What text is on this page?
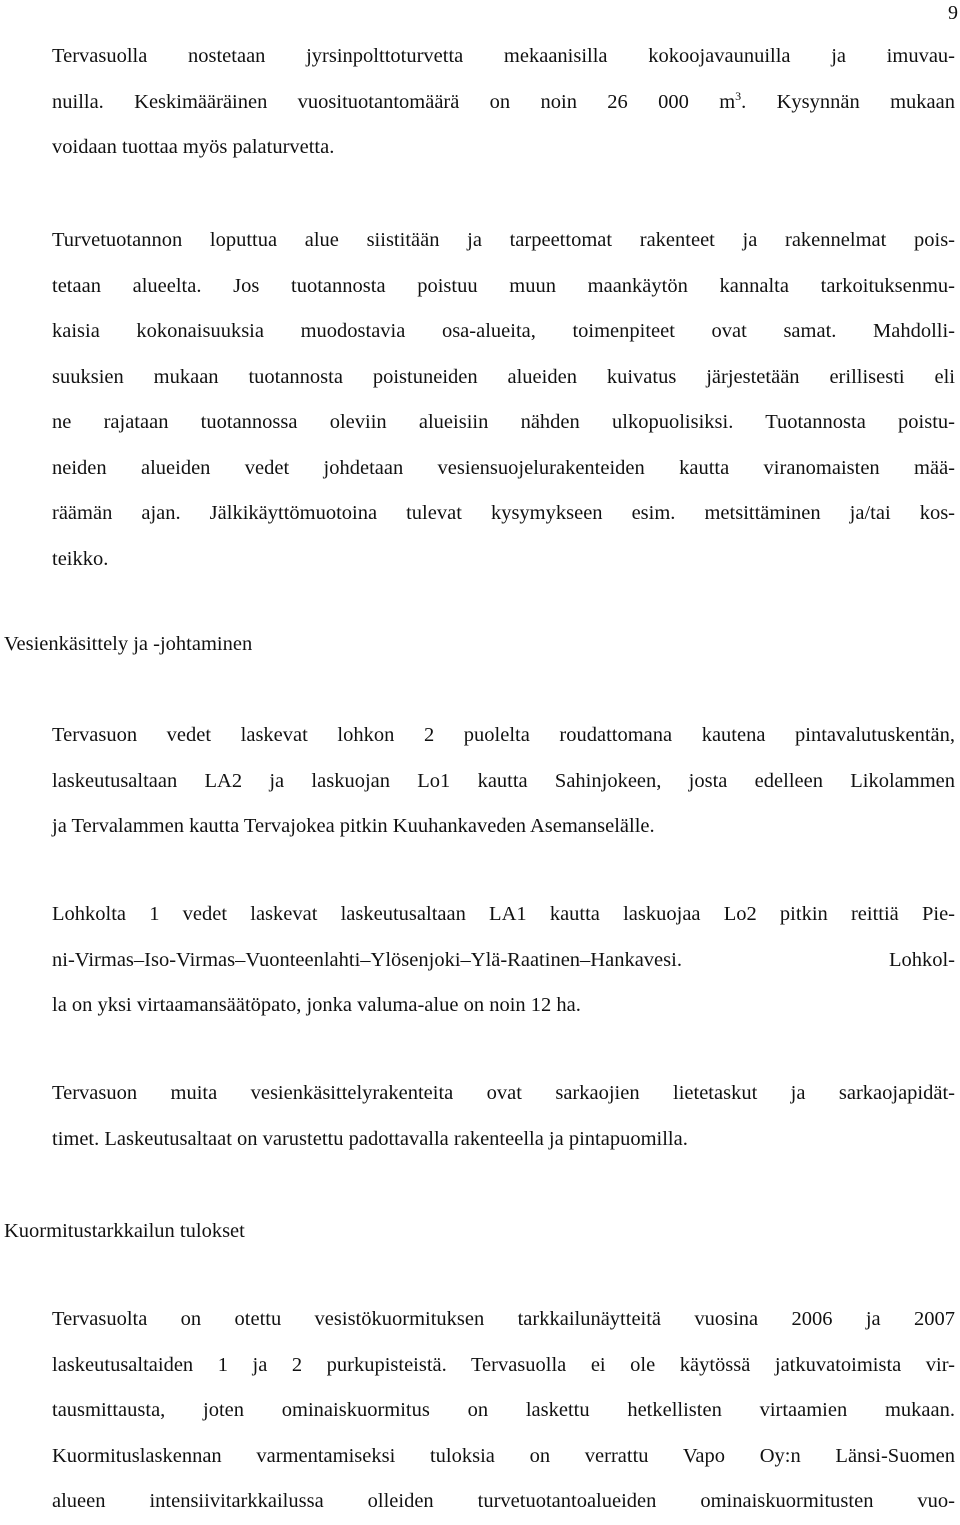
9
Tervasuolla nostetaan jyrsinpolttoturvetta mekaanisilla kokoojavaunuilla ja imuvau-
nuilla. Keskimääräinen vuosituotantomäärä on noin 26 000 $m^3$. Kysynnän mukaan
voidaan tuottaa myös palaturvetta.
Turvetuotannon loputtua alue siistitään ja tarpeettomat rakenteet ja rakennelmat pois-
tetaan alueelta. Jos tuotannosta poistuu muun maankäytön kannalta tarkoituksenmu-
kaisia kokonaisuuksia muodostavia osa-alueita, toimenpiteet ovat samat. Mahdolli-
suuksien mukaan tuotannosta poistuneiden alueiden kuivatus järjestetään erillisesti eli
ne rajataan tuotannossa oleviin alueisiin nähden ulkopuolisiksi. Tuotannosta poistu-
neiden alueiden vedet johdetaan vesiensuojelurakenteiden kautta viranomaisten mää-
räämän ajan. Jälkikäyttömuotoina tulevat kysymykseen esim. metsittäminen ja/tai kos-
teikko.
Vesienkäsittely ja -johtaminen
Tervasuon vedet laskevat lohkon 2 puolelta roudattomana kautena pintavalutuskentän,
laskeutusaltaan LA2 ja laskuojan Lo1 kautta Sahinjokeen, josta edelleen Likolammen
ja Tervalammen kautta Tervajokea pitkin Kuuhankaveden Asemanselälle.
Lohkolta 1 vedet laskevat laskeutusaltaan LA1 kautta laskuojaa Lo2 pitkin reittiä Pie-
ni-Virmas–Iso-Virmas–Vuonteenlahti–Ylösenjoki–Ylä-Raatinen–Hankavesi. Lohkol-
la on yksi virtaamansäätöpato, jonka valuma-alue on noin 12 ha.
Tervasuon muita vesienkäsittelyrakenteita ovat sarkaojien lietetaskut ja sarkaojapidät-
timet. Laskeutusaltaat on varustettu padottavalla rakenteella ja pintapuomilla.
Kuormitustarkkailun tulokset
Tervasuolta on otettu vesistökuormituksen tarkkailunäytteitä vuosina 2006 ja 2007
laskeutusaltaiden 1 ja 2 purkupisteistä. Tervasuolla ei ole käytössä jatkuvatoimista vir-
tausmittausta, joten ominaiskuormitus on laskettu hetkellisten virtaamien mukaan.
Kuormituslaskennan varmentamiseksi tuloksia on verrattu Vapo Oy:n Länsi-Suomen
alueen intensiivitarkkailussa olleiden turvetuotantoalueiden ominaiskuormitusten vuo-
